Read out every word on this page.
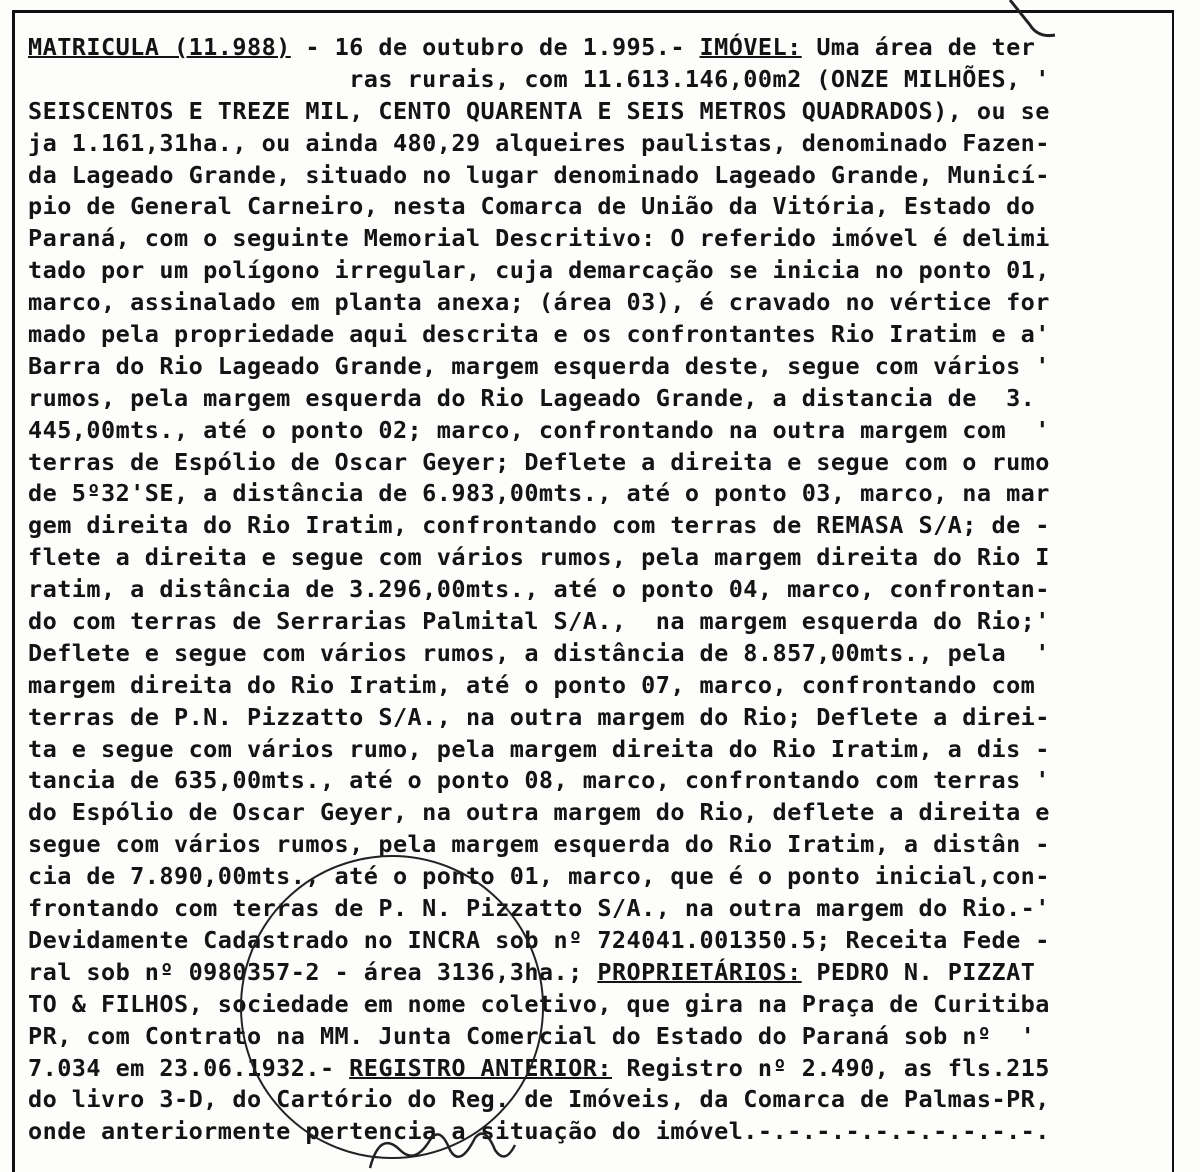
MATRICULA (11.988) - 16 de outubro de 1.995.- IMÓVEL: Uma área de ter
ras rurais, com 11.613.146,00m2 (ONZE MILHÕES, '
SEISCENTOS E TREZE MIL, CENTO QUARENTA E SEIS METROS QUADRADOS), ou se
ja 1.161,31ha., ou ainda 480,29 alqueires paulistas, denominado Fazen-
da Lageado Grande, situado no lugar denominado Lageado Grande, Municí-
pio de General Carneiro, nesta Comarca de União da Vitória, Estado do
Paraná, com o seguinte Memorial Descritivo: O referido imóvel é delimi
tado por um polígono irregular, cuja demarcação se inicia no ponto 01,
marco, assinalado em planta anexa; (área 03), é cravado no vértice for
mado pela propriedade aqui descrita e os confrontantes Rio Iratim e a'
Barra do Rio Lageado Grande, margem esquerda deste, segue com vários '
rumos, pela margem esquerda do Rio Lageado Grande, a distancia de  3.
445,00mts., até o ponto 02; marco, confrontando na outra margem com  '
terras de Espólio de Oscar Geyer; Deflete a direita e segue com o rumo
de 5º32'SE, a distância de 6.983,00mts., até o ponto 03, marco, na mar
gem direita do Rio Iratim, confrontando com terras de REMASA S/A; de -
flete a direita e segue com vários rumos, pela margem direita do Rio I
ratim, a distância de 3.296,00mts., até o ponto 04, marco, confrontan-
do com terras de Serrarias Palmital S/A.,  na margem esquerda do Rio;'
Deflete e segue com vários rumos, a distância de 8.857,00mts., pela  '
margem direita do Rio Iratim, até o ponto 07, marco, confrontando com
terras de P.N. Pizzatto S/A., na outra margem do Rio; Deflete a direi-
ta e segue com vários rumo, pela margem direita do Rio Iratim, a dis -
tancia de 635,00mts., até o ponto 08, marco, confrontando com terras '
do Espólio de Oscar Geyer, na outra margem do Rio, deflete a direita e
segue com vários rumos, pela margem esquerda do Rio Iratim, a distân -
cia de 7.890,00mts., até o ponto 01, marco, que é o ponto inicial,con-
frontando com terras de P. N. Pizzatto S/A., na outra margem do Rio.-'
Devidamente Cadastrado no INCRA sob nº 724041.001350.5; Receita Fede -
ral sob nº 0980357-2 - área 3136,3ha.; PROPRIETÁRIOS: PEDRO N. PIZZAT
TO & FILHOS, sociedade em nome coletivo, que gira na Praça de Curitiba
PR, com Contrato na MM. Junta Comercial do Estado do Paraná sob nº  '
7.034 em 23.06.1932.- REGISTRO ANTERIOR: Registro nº 2.490, as fls.215
do livro 3-D, do Cartório do Reg. de Imóveis, da Comarca de Palmas-PR,
onde anteriormente pertencia a situação do imóvel.-.-.-.-.-.-.-.-.-.-.
